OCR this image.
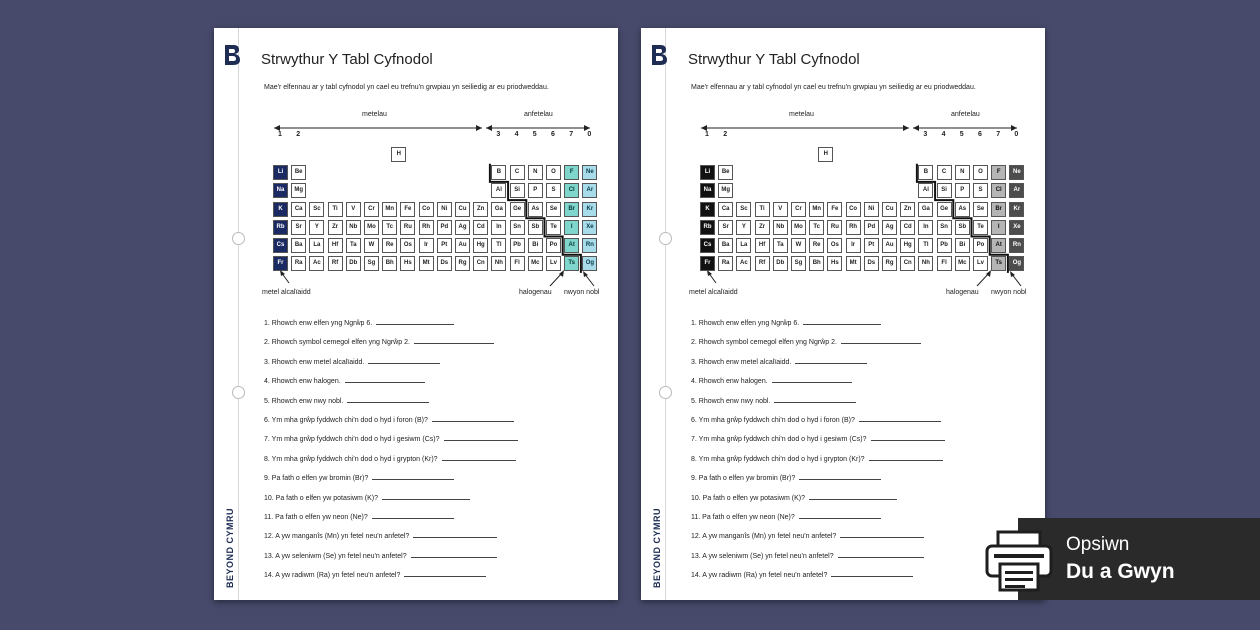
BEYOND CYMRU
Strwythur Y Tabl Cyfnodol
Mae'r elfennau ar y tabl cyfnodol yn cael eu trefnu'n grwpiau yn seiliedig ar eu priodweddau.
metelau	anfetelau
1 2	3 4 5 6 7 0
H
Li	Be	B	C	N	O	F	Ne
Na	Mg	Al	Si	P	S	Cl	Ar
K	Ca	Sc	Ti	V	Cr	Mn	Fe	Co	Ni	Cu	Zn	Ga	Ge	As	Se	Br	Kr
Rb	Sr	Y	Zr	Nb	Mo	Tc	Ru	Rh	Pd	Ag	Cd	In	Sn	Sb	Te	I	Xe
Cs	Ba	La	Hf	Ta	W	Re	Os	Ir	Pt	Au	Hg	Tl	Pb	Bi	Po	At	Rn
Fr	Ra	Ac	Rf	Db	Sg	Bh	Hs	Mt	Ds	Rg	Cn	Nh	Fl	Mc	Lv	Ts	Og
metel alcalïaidd	halogenau nwyon nobl
1. Rhowch enw elfen yng Ngrŵp 6.
2. Rhowch symbol cemegol elfen yng Ngrŵp 2.
3. Rhowch enw metel alcalïaidd.
4. Rhowch enw halogen.
5. Rhowch enw nwy nobl.
6. Ym mha grŵp fyddwch chi'n dod o hyd i foron (B)?
7. Ym mha grŵp fyddwch chi'n dod o hyd i gesiwm (Cs)?
8. Ym mha grŵp fyddwch chi'n dod o hyd i grypton (Kr)?
9. Pa fath o elfen yw bromin (Br)?
10. Pa fath o elfen yw potasiwm (K)?
11. Pa fath o elfen yw neon (Ne)?
12. A yw manganîs (Mn) yn fetel neu'n anfetel?
13. A yw seleniwm (Se) yn fetel neu'n anfetel?
14. A yw radiwm (Ra) yn fetel neu'n anfetel?	BEYOND CYMRU
Strwythur Y Tabl Cyfnodol
Mae'r elfennau ar y tabl cyfnodol yn cael eu trefnu'n grwpiau yn seiliedig ar eu priodweddau.
metelau	anfetelau
1 2	3 4 5 6 7 0
H
Li	Be	B	C	N	O	F	Ne
Na	Mg	Al	Si	P	S	Cl	Ar
K	Ca	Sc	Ti	V	Cr	Mn	Fe	Co	Ni	Cu	Zn	Ga	Ge	As	Se	Br	Kr
Rb	Sr	Y	Zr	Nb	Mo	Tc	Ru	Rh	Pd	Ag	Cd	In	Sn	Sb	Te	I	Xe
Cs	Ba	La	Hf	Ta	W	Re	Os	Ir	Pt	Au	Hg	Tl	Pb	Bi	Po	At	Rn
Fr	Ra	Ac	Rf	Db	Sg	Bh	Hs	Mt	Ds	Rg	Cn	Nh	Fl	Mc	Lv	Ts	Og
metel alcalïaidd	halogenau nwyon nobl
1. Rhowch enw elfen yng Ngrŵp 6.
2. Rhowch symbol cemegol elfen yng Ngrŵp 2.
3. Rhowch enw metel alcalïaidd.
4. Rhowch enw halogen.
5. Rhowch enw nwy nobl.
6. Ym mha grŵp fyddwch chi'n dod o hyd i foron (B)?
7. Ym mha grŵp fyddwch chi'n dod o hyd i gesiwm (Cs)?
8. Ym mha grŵp fyddwch chi'n dod o hyd i grypton (Kr)?
9. Pa fath o elfen yw bromin (Br)?
10. Pa fath o elfen yw potasiwm (K)?
11. Pa fath o elfen yw neon (Ne)?
12. A yw manganîs (Mn) yn fetel neu'n anfetel?
13. A yw seleniwm (Se) yn fetel neu'n anfetel?
14. A yw radiwm (Ra) yn fetel neu'n anfetel?
Opsiwn
Du a Gwyn
